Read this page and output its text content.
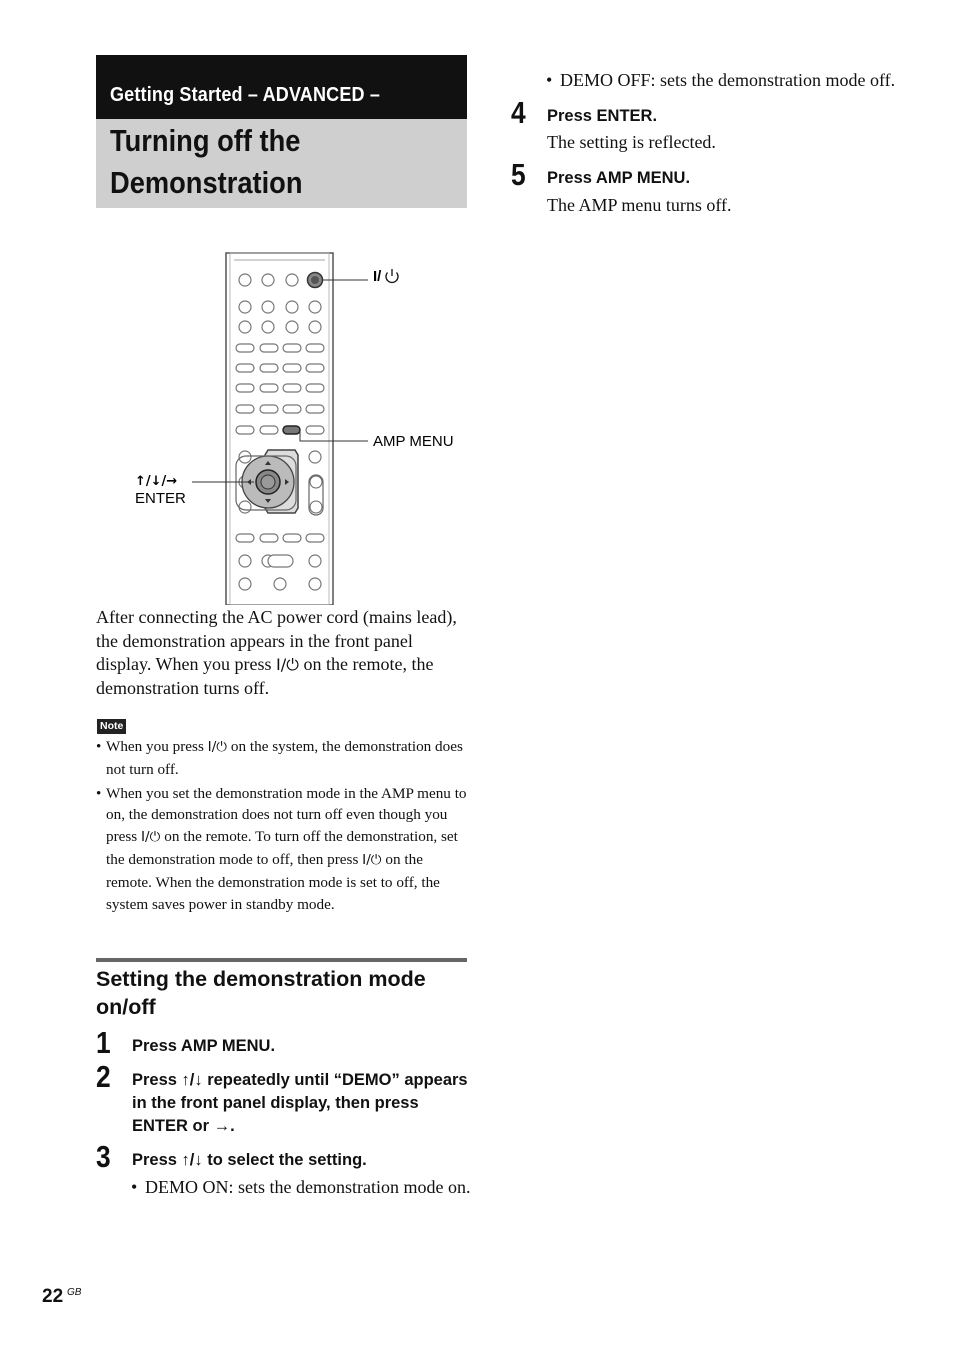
Getting Started – ADVANCED –
Turning off the Demonstration
I/
AMP MENU
↑/↓/→
ENTER
After connecting the AC power cord (mains lead), the demonstration appears in the front panel display. When you press I/⏻ on the remote, the demonstration turns off.
Note
• When you press I/⏻ on the system, the demonstration does not turn off.
• When you set the demonstration mode in the AMP menu to on, the demonstration does not turn off even though you press I/⏻ on the remote. To turn off the demonstration, set the demonstration mode to off, then press I/⏻ on the remote. When the demonstration mode is set to off, the system saves power in standby mode.
Setting the demonstration mode on/off
1 Press AMP MENU.
2 Press ↑/↓ repeatedly until “DEMO” appears in the front panel display, then press ENTER or →.
3 Press ↑/↓ to select the setting.
• DEMO ON: sets the demonstration mode on.
• DEMO OFF: sets the demonstration mode off.
4 Press ENTER.
The setting is reflected.
5 Press AMP MENU.
The AMP menu turns off.
22 GB
